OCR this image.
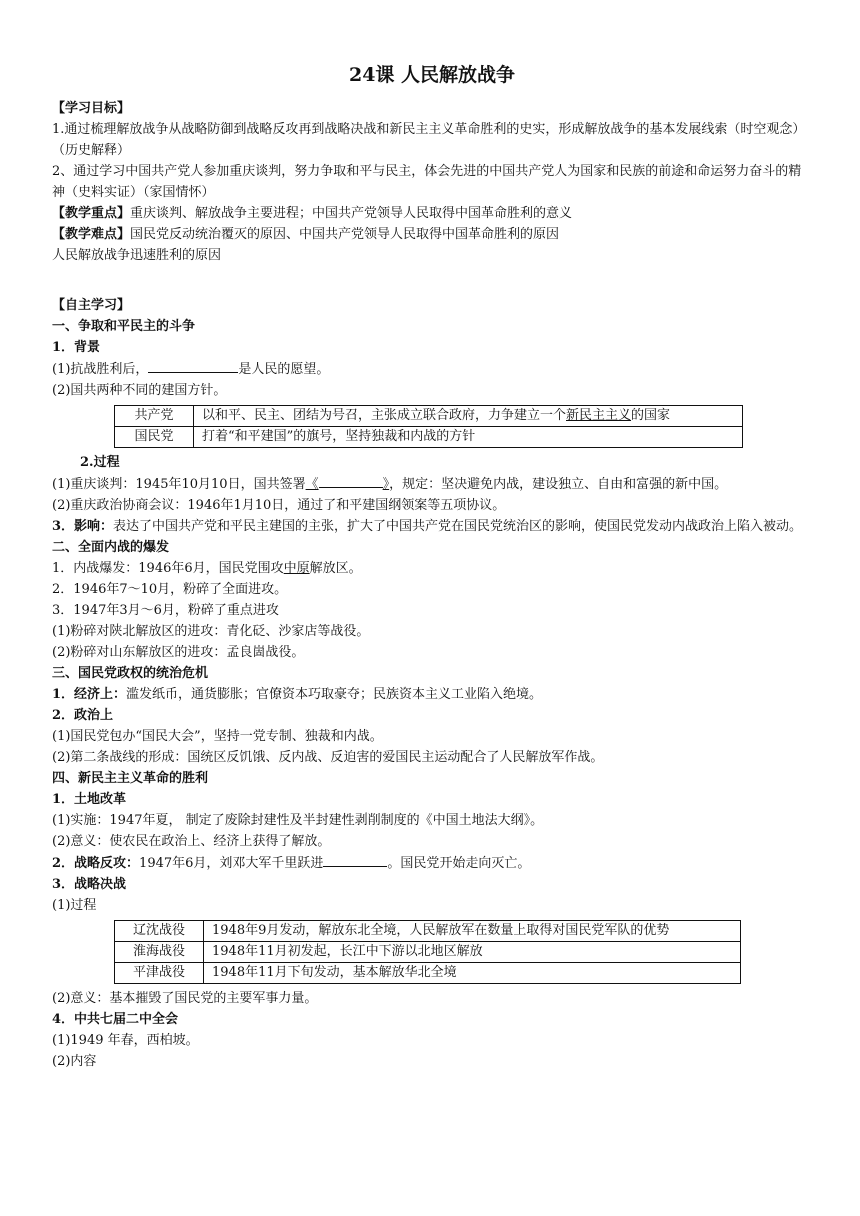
24课 人民解放战争

【学习目标】

1.通过梳理解放战争从战略防御到战略反攻再到战略决战和新民主主义革命胜利的史实，形成解放战争的基本发展线索（时空观念）（历史解释）

2、通过学习中国共产党人参加重庆谈判，努力争取和平与民主，体会先进的中国共产党人为国家和民族的前途和命运努力奋斗的精神（史料实证）（家国情怀）

【教学重点】重庆谈判、解放战争主要进程；中国共产党领导人民取得中国革命胜利的意义

【教学难点】国民党反动统治覆灭的原因、中国共产党领导人民取得中国革命胜利的原因

人民解放战争迅速胜利的原因

【自主学习】

一、争取和平民主的斗争

1．背景

(1)抗战胜利后，	是人民的愿望。

(2)国共两种不同的建国方针。

共产党	以和平、民主、团结为号召，主张成立联合政府，力争建立一个新民主主义的国家
国民党	打着“和平建国”的旗号，坚持独裁和内战的方针

2.过程

(1)重庆谈判：1945年10月10日，国共签署《	》，规定：坚决避免内战，建设独立、自由和富强的新中国。

(2)重庆政治协商会议：1946年1月10日，通过了和平建国纲领案等五项协议。

3．影响：表达了中国共产党和平民主建国的主张，扩大了中国共产党在国民党统治区的影响，使国民党发动内战政治上陷入被动。

二、全面内战的爆发

1．内战爆发：1946年6月，国民党围攻中原解放区。

2．1946年7～10月，粉碎了全面进攻。

3．1947年3月～6月，粉碎了重点进攻

(1)粉碎对陕北解放区的进攻：青化砭、沙家店等战役。

(2)粉碎对山东解放区的进攻：孟良崮战役。

三、国民党政权的统治危机

1．经济上：滥发纸币，通货膨胀；官僚资本巧取豪夺；民族资本主义工业陷入绝境。

2．政治上

(1)国民党包办“国民大会”，坚持一党专制、独裁和内战。

(2)第二条战线的形成：国统区反饥饿、反内战、反迫害的爱国民主运动配合了人民解放军作战。

四、新民主主义革命的胜利

1．土地改革

(1)实施：1947年夏， 制定了废除封建性及半封建性剥削制度的《中国土地法大纲》。

(2)意义：使农民在政治上、经济上获得了解放。

2．战略反攻：1947年6月，刘邓大军千里跃进	。国民党开始走向灭亡。

3．战略决战

(1)过程

辽沈战役	1948年9月发动，解放东北全境，人民解放军在数量上取得对国民党军队的优势
淮海战役	1948年11月初发起，长江中下游以北地区解放
平津战役	1948年11月下旬发动，基本解放华北全境

(2)意义：基本摧毁了国民党的主要军事力量。

4．中共七届二中全会

(1)1949 年春，西柏坡。

(2)内容
